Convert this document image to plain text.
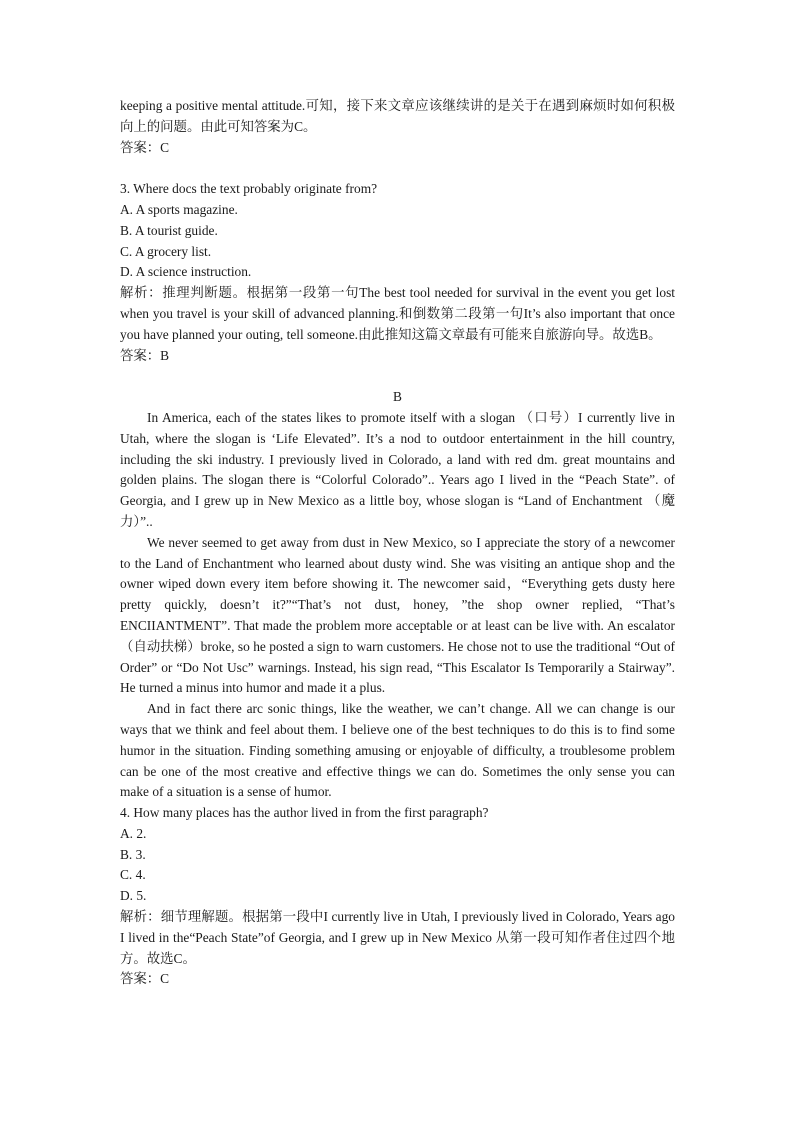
keeping a positive mental attitude.可知，接下来文章应该继续讲的是关于在遇到麻烦时如何积极向上的问题。由此可知答案为C。

答案：C

3. Where docs the text probably originate from?

A. A sports magazine.

B. A tourist guide.

C. A grocery list.

D. A science instruction.

解析：推理判断题。根据第一段第一句The best tool needed for survival in the event you get lost when you travel is your skill of advanced planning.和倒数第二段第一句It’s also important that once you have planned your outing, tell someone.由此推知这篇文章最有可能来自旅游向导。故选B。

答案：B

B

In America, each of the states likes to promote itself with a slogan （口号）I currently live in Utah, where the slogan is ‘Life Elevated”. It’s a nod to outdoor entertainment in the hill country, including the ski industry. I previously lived in Colorado, a land with red dm. great mountains and golden plains. The slogan there is “Colorful Colorado”.. Years ago I lived in the “Peach State”. of Georgia, and I grew up in New Mexico as a little boy, whose slogan is “Land of Enchantment （魔力）”..

We never seemed to get away from dust in New Mexico, so I appreciate the story of a newcomer to the Land of Enchantment who learned about dusty wind. She was visiting an antique shop and the owner wiped down every item before showing it. The newcomer said，“Everything gets dusty here pretty quickly, doesn’t it?”“That’s not dust, honey, ”the shop owner replied, “That’s ENCIIANTMENT”. That made the problem more acceptable or at least can be live with. An escalator（自动扶梯）broke, so he posted a sign to warn customers. He chose not to use the traditional “Out of Order” or “Do Not Usc” warnings. Instead, his sign read, “This Escalator Is Temporarily a Stairway”. He turned a minus into humor and made it a plus.

And in fact there arc sonic things, like the weather, we can’t change. All we can change is our ways that we think and feel about them. I believe one of the best techniques to do this is to find some humor in the situation. Finding something amusing or enjoyable of difficulty, a troublesome problem can be one of the most creative and effective things we can do. Sometimes the only sense you can make of a situation is a sense of humor.

4. How many places has the author lived in from the first paragraph?

A. 2.

B. 3.

C. 4.

D. 5.

解析：细节理解题。根据第一段中I currently live in Utah, I previously lived in Colorado, Years ago I lived in the“Peach State”of Georgia, and I grew up in New Mexico 从第一段可知作者住过四个地方。故选C。

答案：C
